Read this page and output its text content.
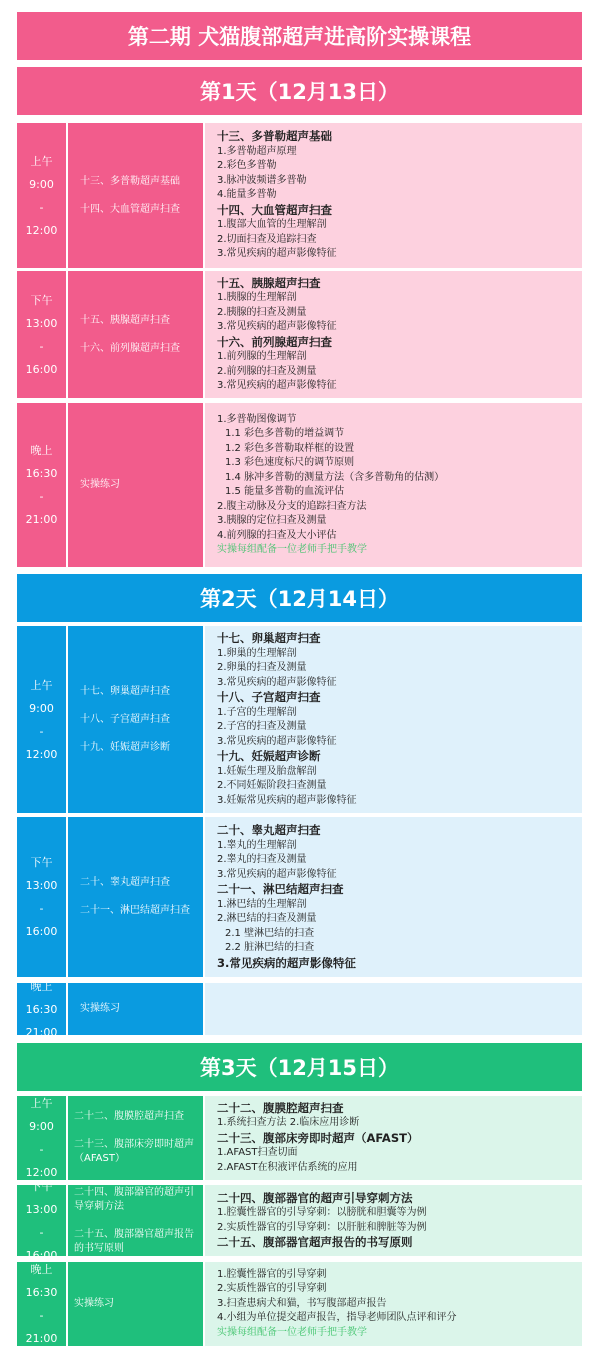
第二期 犬猫腹部超声进高阶实操课程
第1天（12月13日）
上午
9:00
-
12:00
十三、多普勒超声基础
十四、大血管超声扫查
十三、多普勒超声基础
1.多普勒超声原理
2.彩色多普勒
3.脉冲波频谱多普勒
4.能量多普勒
十四、大血管超声扫查
1.腹部大血管的生理解剖
2.切面扫查及追踪扫查
3.常见疾病的超声影像特征
下午
13:00
-
16:00
十五、胰腺超声扫查
十六、前列腺超声扫查
十五、胰腺超声扫查
1.胰腺的生理解剖
2.胰腺的扫查及测量
3.常见疾病的超声影像特征
十六、前列腺超声扫查
1.前列腺的生理解剖
2.前列腺的扫查及测量
3.常见疾病的超声影像特征
晚上
16:30
-
21:00
实操练习
1.多普勒图像调节
1.1 彩色多普勒的增益调节
1.2 彩色多普勒取样框的设置
1.3 彩色速度标尺的调节原则
1.4 脉冲多普勒的测量方法（含多普勒角的估测）
1.5 能量多普勒的血流评估
2.腹主动脉及分支的追踪扫查方法
3.胰腺的定位扫查及测量
4.前列腺的扫查及大小评估
实操每组配备一位老师手把手教学
第2天（12月14日）
上午
9:00
-
12:00
十七、卵巢超声扫查
十八、子宫超声扫查
十九、妊娠超声诊断
十七、卵巢超声扫查
1.卵巢的生理解剖
2.卵巢的扫查及测量
3.常见疾病的超声影像特征
十八、子宫超声扫查
1.子宫的生理解剖
2.子宫的扫查及测量
3.常见疾病的超声影像特征
十九、妊娠超声诊断
1.妊娠生理及胎盘解剖
2.不同妊娠阶段扫查测量
3.妊娠常见疾病的超声影像特征
下午
13:00
-
16:00
二十、睾丸超声扫查
二十一、淋巴结超声扫查
二十、睾丸超声扫查
1.睾丸的生理解剖
2.睾丸的扫查及测量
3.常见疾病的超声影像特征
二十一、淋巴结超声扫查
1.淋巴结的生理解剖
2.淋巴结的扫查及测量
2.1 壁淋巴结的扫查
2.2 脏淋巴结的扫查
3.常见疾病的超声影像特征
晚上
16:30
21:00
实操练习
第3天（12月15日）
上午
9:00
-
12:00
二十二、腹膜腔超声扫查
二十三、腹部床旁即时超声（AFAST）
二十二、腹膜腔超声扫查
1.系统扫查方法 2.临床应用诊断
二十三、腹部床旁即时超声（AFAST）
1.AFAST扫查切面
2.AFAST在积液评估系统的应用
下午
13:00
-
16:00
二十四、腹部器官的超声引导穿刺方法
二十五、腹部器官超声报告的书写原则
二十四、腹部器官的超声引导穿刺方法
1.腔囊性器官的引导穿刺：以膀胱和胆囊等为例
2.实质性器官的引导穿刺：以肝脏和脾脏等为例
二十五、腹部器官超声报告的书写原则
晚上
16:30
-
21:00
实操练习
1.腔囊性器官的引导穿刺
2.实质性器官的引导穿刺
3.扫查患病犬和猫，书写腹部超声报告
4.小组为单位提交超声报告，指导老师团队点评和评分
实操每组配备一位老师手把手教学
